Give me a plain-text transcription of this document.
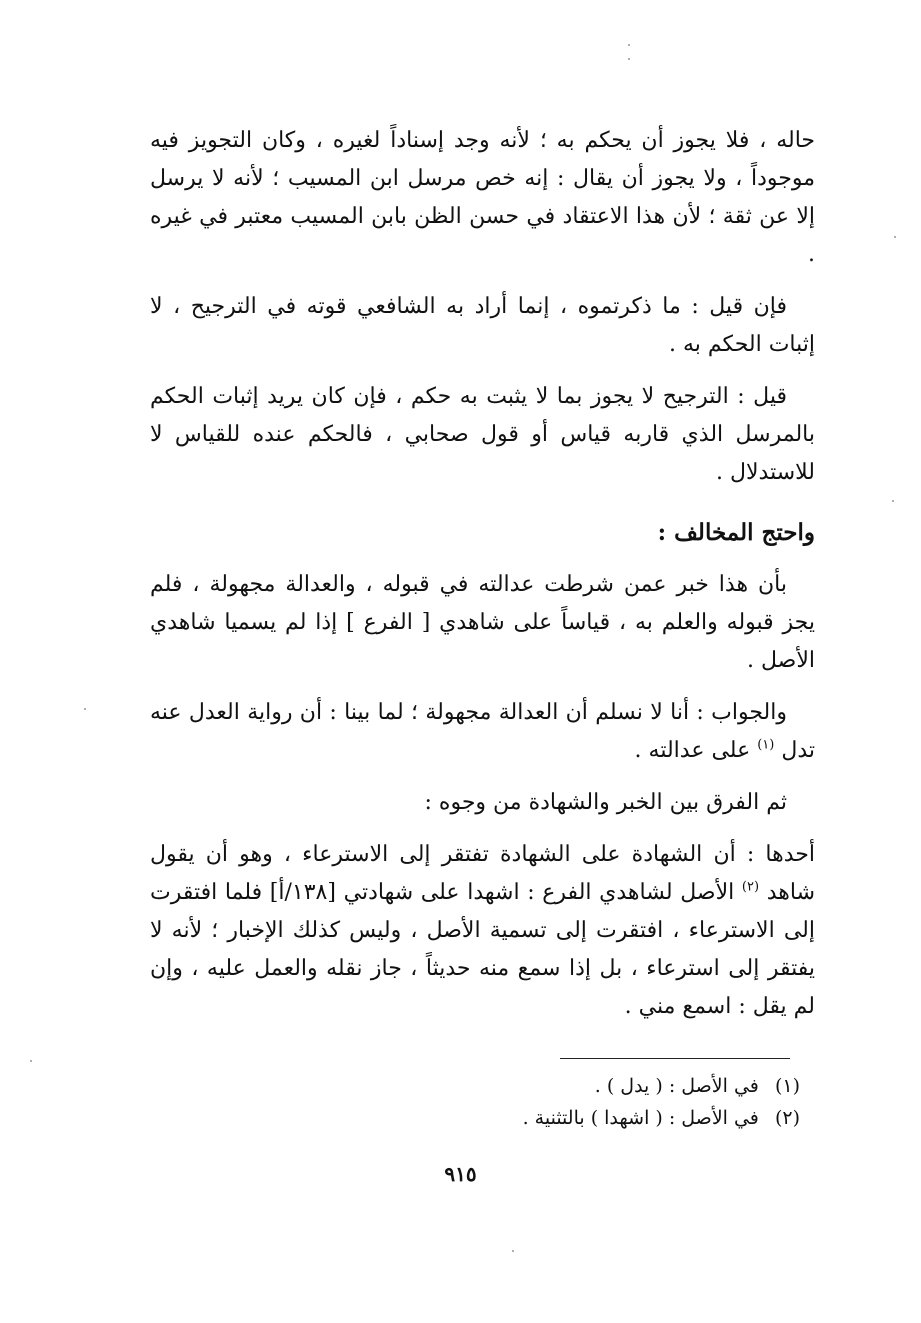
حاله ، فلا يجوز أن يحكم به ؛ لأنه وجد إسناداً لغيره ، وكان التجويز فيه موجوداً ، ولا يجوز أن يقال : إنه خص مرسل ابن المسيب ؛ لأنه لا يرسل إلا عن ثقة ؛ لأن هذا الاعتقاد في حسن الظن بابن المسيب معتبر في غيره .

فإن قيل : ما ذكرتموه ، إنما أراد به الشافعي قوته في الترجيح ، لا إثبات الحكم به .

قيل : الترجيح لا يجوز بما لا يثبت به حكم ، فإن كان يريد إثبات الحكم بالمرسل الذي قاربه قياس أو قول صحابي ، فالحكم عنده للقياس لا للاستدلال .

واحتج المخالف :

بأن هذا خبر عمن شرطت عدالته في قبوله ، والعدالة مجهولة ، فلم يجز قبوله والعلم به ، قياساً على شاهدي [ الفرع ] إذا لم يسميا شاهدي الأصل .

والجواب : أنا لا نسلم أن العدالة مجهولة ؛ لما بينا : أن رواية العدل عنه تدل $^{(١)}$ على عدالته .

ثم الفرق بين الخبر والشهادة من وجوه :

أحدها : أن الشهادة على الشهادة تفتقر إلى الاسترعاء ، وهو أن يقول شاهد $^{(٢)}$ الأصل لشاهدي الفرع : اشهدا على شهادتي [١٣٨/أ] فلما افتقرت إلى الاسترعاء ، افتقرت إلى تسمية الأصل ، وليس كذلك الإخبار ؛ لأنه لا يفتقر إلى استرعاء ، بل إذا سمع منه حديثاً ، جاز نقله والعمل عليه ، وإن لم يقل : اسمع مني .

(١) في الأصل : ( يدل ) .
(٢) في الأصل : ( اشهدا ) بالتثنية .
٩١٥
